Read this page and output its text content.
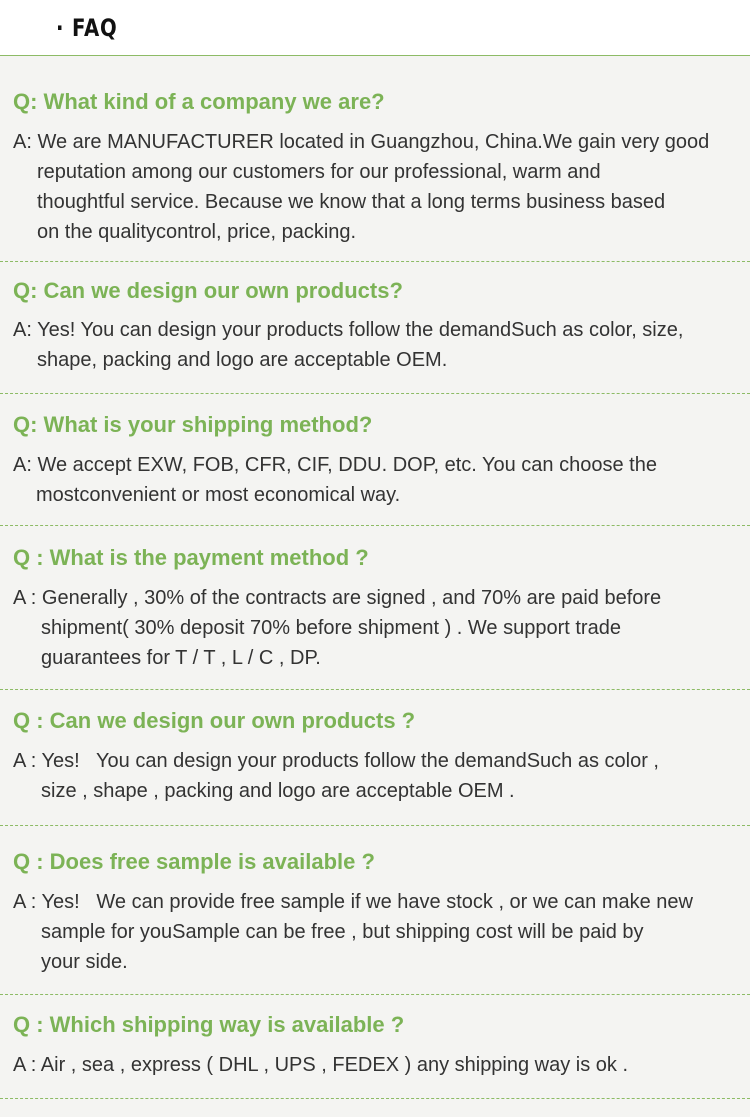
· FAQ
Q: What kind of a company we are?
A: We are MANUFACTURER located in Guangzhou, China.We gain very good
reputation among our customers for our professional, warm and
thoughtful service. Because we know that a long terms business based
on the qualitycontrol, price, packing.
Q: Can we design our own products?
A: Yes! You can design your products follow the demandSuch as color, size,
shape, packing and logo are acceptable OEM.
Q: What is your shipping method?
A: We accept EXW, FOB, CFR, CIF, DDU. DOP, etc. You can choose the
mostconvenient or most economical way.
Q : What is the payment method ?
A : Generally , 30% of the contracts are signed , and 70% are paid before
shipment( 30% deposit 70% before shipment ) . We support trade
guarantees for T / T , L / C , DP.
Q : Can we design our own products ?
A : Yes!   You can design your products follow the demandSuch as color ,
size , shape , packing and logo are acceptable OEM .
Q : Does free sample is available ?
A : Yes!   We can provide free sample if we have stock , or we can make new
sample for youSample can be free , but shipping cost will be paid by
your side.
Q : Which shipping way is available ?
A : Air , sea , express ( DHL , UPS , FEDEX ) any shipping way is ok .
